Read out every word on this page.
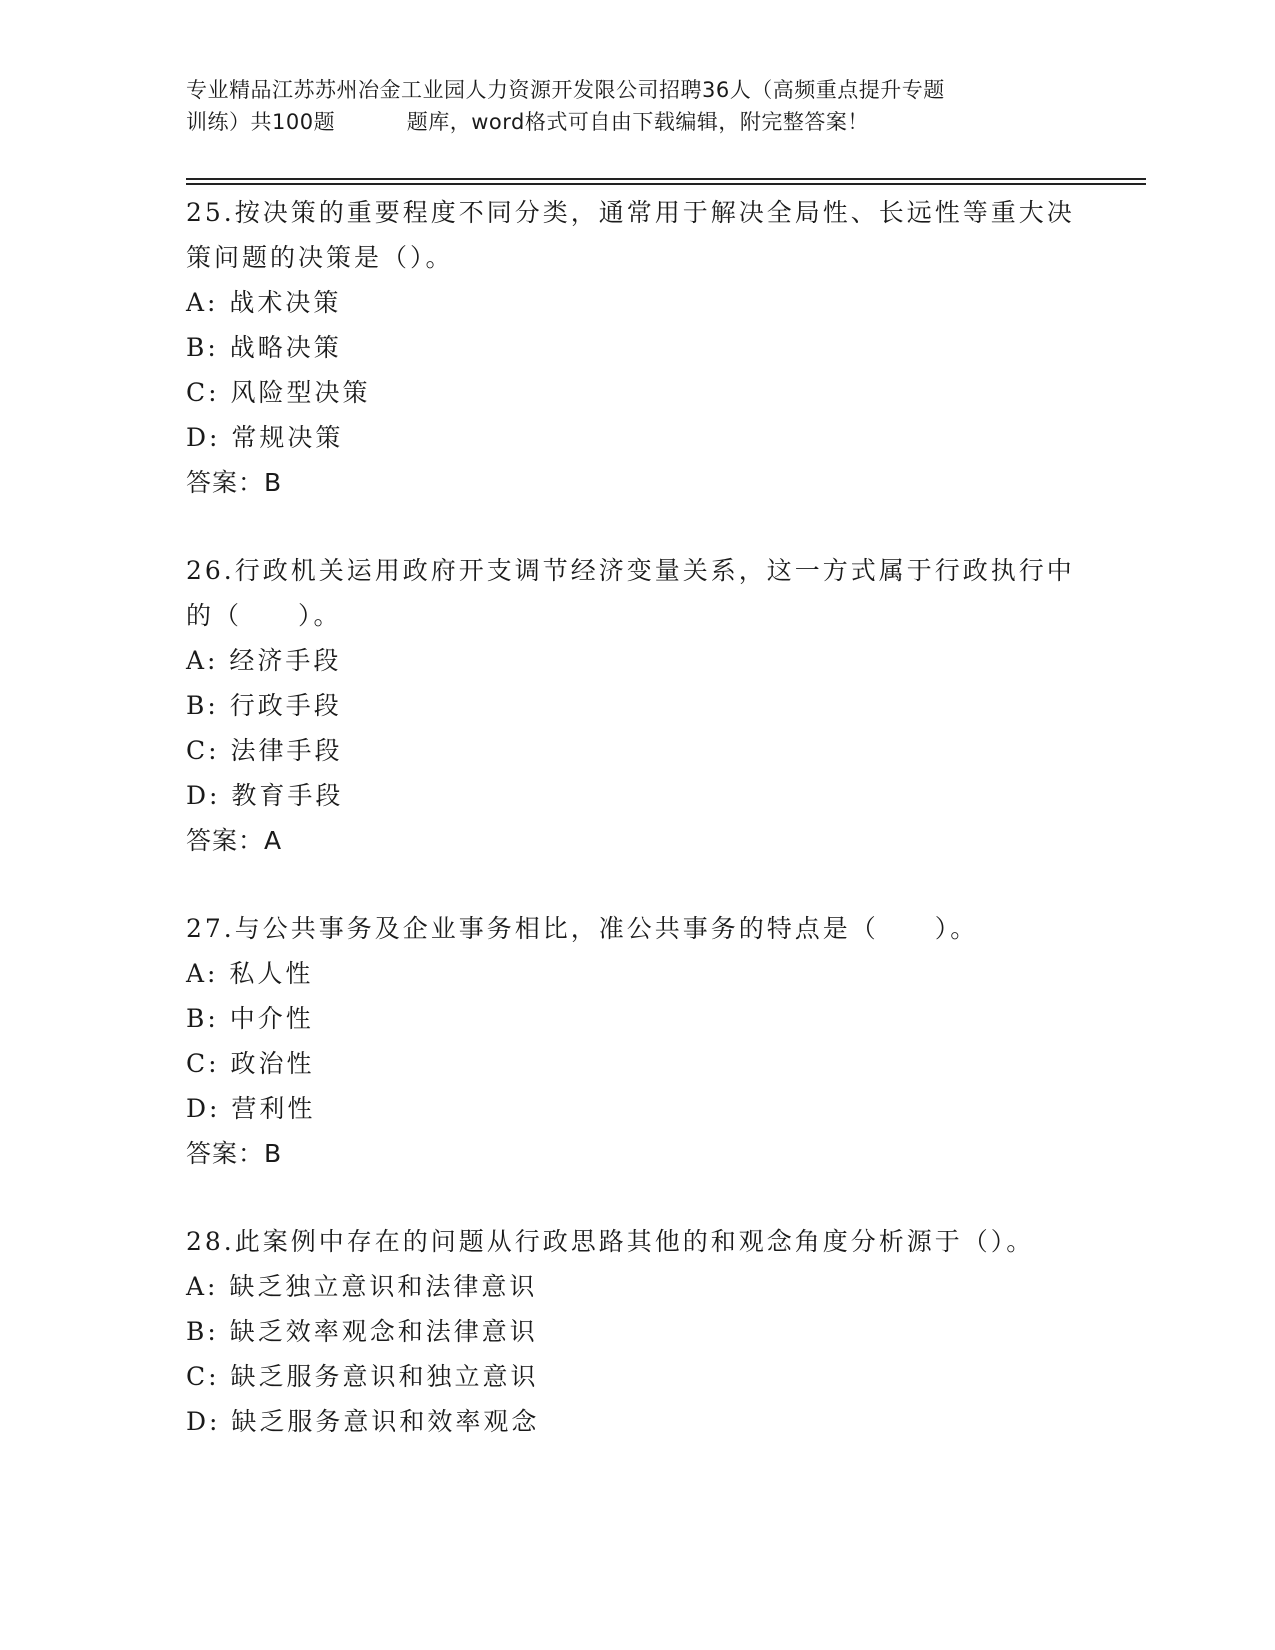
专业精品江苏苏州冶金工业园人力资源开发限公司招聘36人（高频重点提升专题
训练）共100题　　　 题库，word格式可自由下载编辑，附完整答案！
25.按决策的重要程度不同分类，通常用于解决全局性、长远性等重大决策问题的决策是（）。
A: 战术决策
B: 战略决策
C: 风险型决策
D: 常规决策
答案：B
26.行政机关运用政府开支调节经济变量关系，这一方式属于行政执行中的（　　）。
A: 经济手段
B: 行政手段
C: 法律手段
D: 教育手段
答案：A
27.与公共事务及企业事务相比，准公共事务的特点是（　　）。
A: 私人性
B: 中介性
C: 政治性
D: 营利性
答案：B
28.此案例中存在的问题从行政思路其他的和观念角度分析源于（）。
A: 缺乏独立意识和法律意识
B: 缺乏效率观念和法律意识
C: 缺乏服务意识和独立意识
D: 缺乏服务意识和效率观念
